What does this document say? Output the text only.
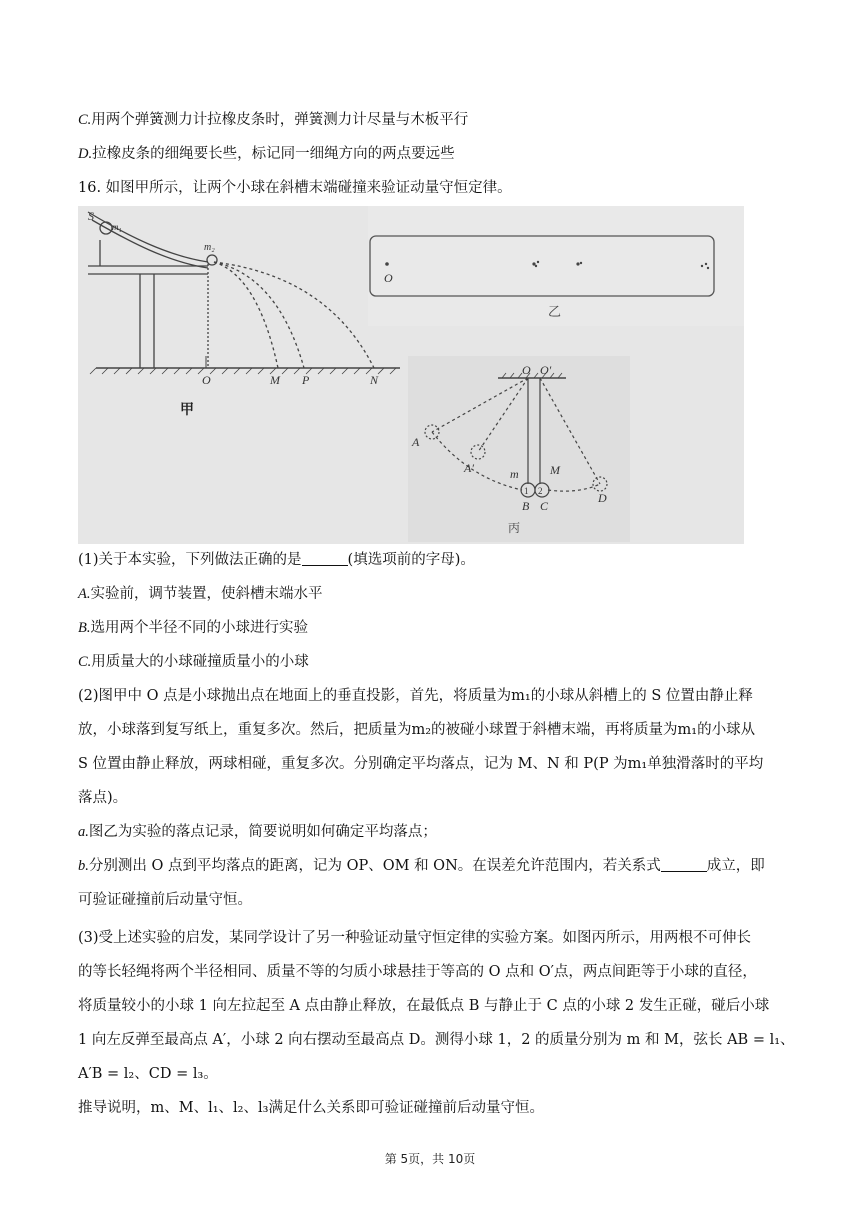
C.用两个弹簧测力计拉橡皮条时，弹簧测力计尽量与木板平行
D.拉橡皮条的细绳要长些，标记同一细绳方向的两点要远些
16. 如图甲所示，让两个小球在斜槽末端碰撞来验证动量守恒定律。
S
m₁
m₂
O	M P	N
甲
O
乙
O O′
A
A′	m	M
1 2
B C
D
丙
(1)关于本实验，下列做法正确的是	(填选项前的字母)。
A.实验前，调节装置，使斜槽末端水平
B.选用两个半径不同的小球进行实验
C.用质量大的小球碰撞质量小的小球
(2)图甲中 O 点是小球抛出点在地面上的垂直投影，首先，将质量为m₁的小球从斜槽上的 S 位置由静止释
放，小球落到复写纸上，重复多次。然后，把质量为m₂的被碰小球置于斜槽末端，再将质量为m₁的小球从
S 位置由静止释放，两球相碰，重复多次。分别确定平均落点，记为 M、N 和 P(P 为m₁单独滑落时的平均
落点)。
a.图乙为实验的落点记录，简要说明如何确定平均落点；
b.分别测出 O 点到平均落点的距离，记为 OP、OM 和 ON。在误差允许范围内，若关系式	成立，即
可验证碰撞前后动量守恒。
(3)受上述实验的启发，某同学设计了另一种验证动量守恒定律的实验方案。如图丙所示，用两根不可伸长
的等长轻绳将两个半径相同、质量不等的匀质小球悬挂于等高的 O 点和 O′点，两点间距等于小球的直径，
将质量较小的小球 1 向左拉起至 A 点由静止释放，在最低点 B 与静止于 C 点的小球 2 发生正碰，碰后小球
1 向左反弹至最高点 A′，小球 2 向右摆动至最高点 D。测得小球 1，2 的质量分别为 m 和 M，弦长 AB = l₁、
A′B = l₂、CD = l₃。
推导说明，m、M、l₁、l₂、l₃满足什么关系即可验证碰撞前后动量守恒。
第 5页，共 10页
